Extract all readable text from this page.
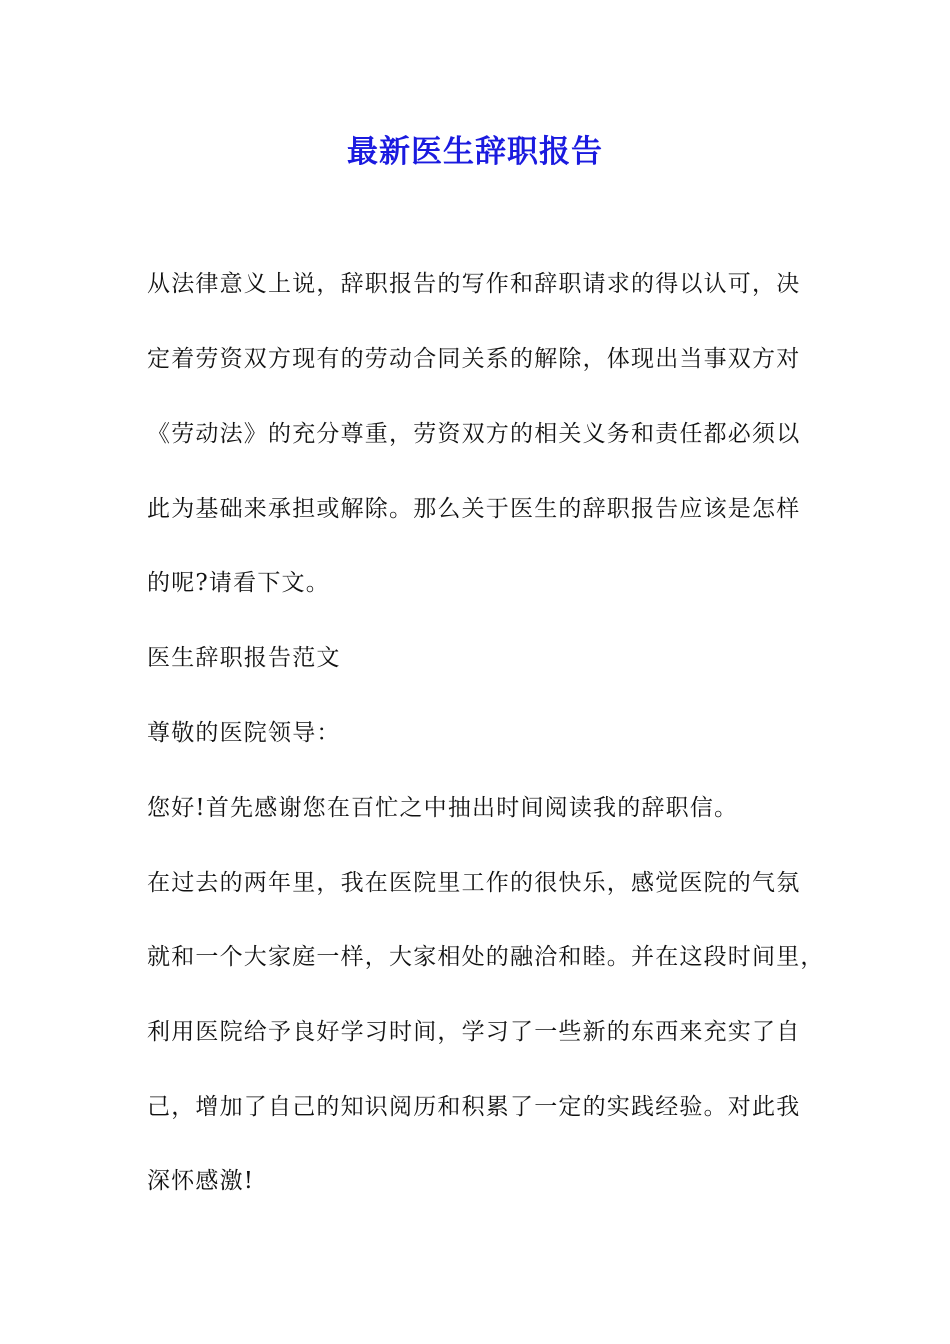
最新医生辞职报告
从法律意义上说，辞职报告的写作和辞职请求的得以认可，决
定着劳资双方现有的劳动合同关系的解除，体现出当事双方对
《劳动法》的充分尊重，劳资双方的相关义务和责任都必须以
此为基础来承担或解除。那么关于医生的辞职报告应该是怎样
的呢?请看下文。
医生辞职报告范文
尊敬的医院领导：
您好!首先感谢您在百忙之中抽出时间阅读我的辞职信。
在过去的两年里，我在医院里工作的很快乐，感觉医院的气氛
就和一个大家庭一样，大家相处的融洽和睦。并在这段时间里，
利用医院给予良好学习时间，学习了一些新的东西来充实了自
己，增加了自己的知识阅历和积累了一定的实践经验。对此我
深怀感激!
